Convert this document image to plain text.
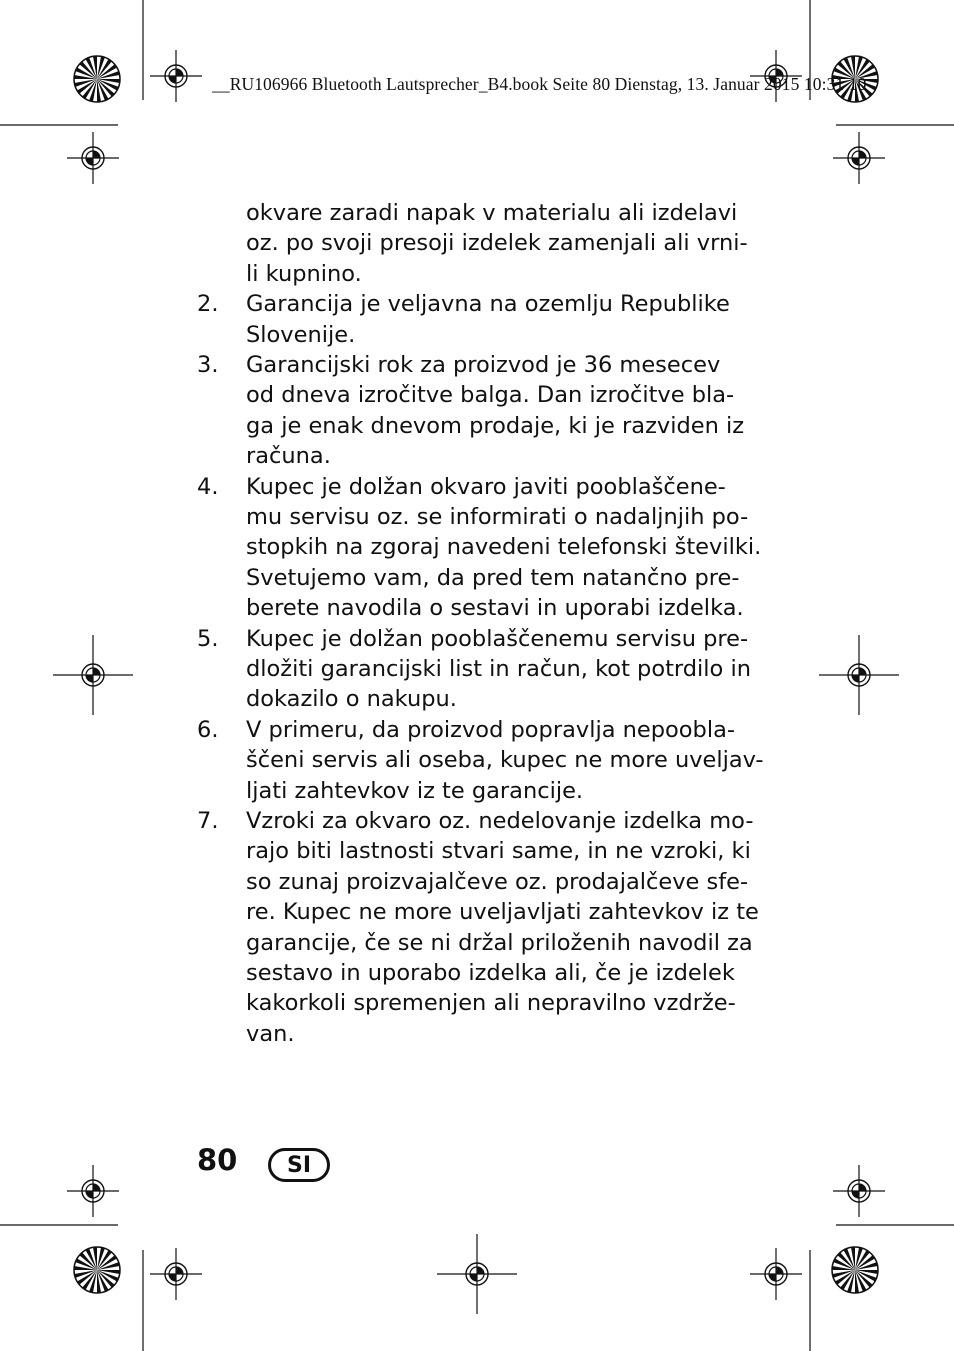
__RU106966 Bluetooth Lautsprecher_B4.book Seite 80 Dienstag, 13. Januar 2015 10:31 10
okvare zaradi napak v materialu ali izdelavi
oz. po svoji presoji izdelek zamenjali ali vrni-
li kupnino.
2. Garancija je veljavna na ozemlju Republike
Slovenije.
3. Garancijski rok za proizvod je 36 mesecev
od dneva izročitve balga. Dan izročitve bla-
ga je enak dnevom prodaje, ki je razviden iz
računa.
4. Kupec je dolžan okvaro javiti pooblaščene-
mu servisu oz. se informirati o nadaljnjih po-
stopkih na zgoraj navedeni telefonski številki.
Svetujemo vam, da pred tem natančno pre-
berete navodila o sestavi in uporabi izdelka.
5. Kupec je dolžan pooblaščenemu servisu pre-
dložiti garancijski list in račun, kot potrdilo in
dokazilo o nakupu.
6. V primeru, da proizvod popravlja nepoobla-
ščeni servis ali oseba, kupec ne more uveljav-
ljati zahtevkov iz te garancije.
7. Vzroki za okvaro oz. nedelovanje izdelka mo-
rajo biti lastnosti stvari same, in ne vzroki, ki
so zunaj proizvajalčeve oz. prodajalčeve sfe-
re. Kupec ne more uveljavljati zahtevkov iz te
garancije, če se ni držal priloženih navodil za
sestavo in uporabo izdelka ali, če je izdelek
kakorkoli spremenjen ali nepravilno vzdrže-
van.
80 SI
